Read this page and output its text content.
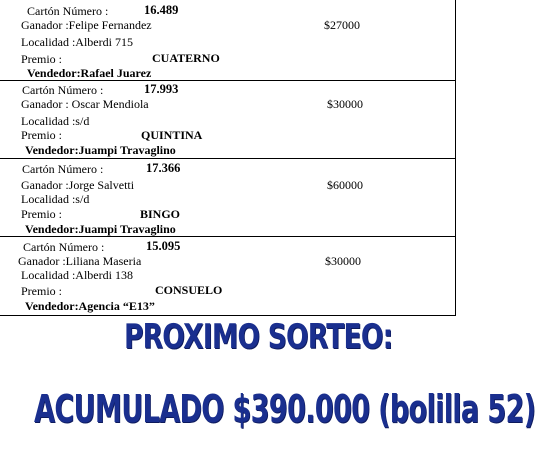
Cartón Número :	16.489
Ganador :Felipe Fernandez	$27000
Localidad :Alberdi 715
Premio :	CUATERNO
Vendedor:Rafael Juarez
Cartón Número :	17.993
Ganador : Oscar Mendiola	$30000
Localidad :s/d
Premio :	QUINTINA
Vendedor:Juampi Travaglino
Cartón Número :	17.366
Ganador :Jorge Salvetti	$60000
Localidad :s/d
Premio :	BINGO
Vendedor:Juampi Travaglino
Cartón Número :	15.095
Ganador :Liliana Maseria	$30000
Localidad :Alberdi 138
Premio :	CONSUELO
Vendedor:Agencia “E13”
PROXIMO SORTEO:
ACUMULADO $390.000 (bolilla 52)
